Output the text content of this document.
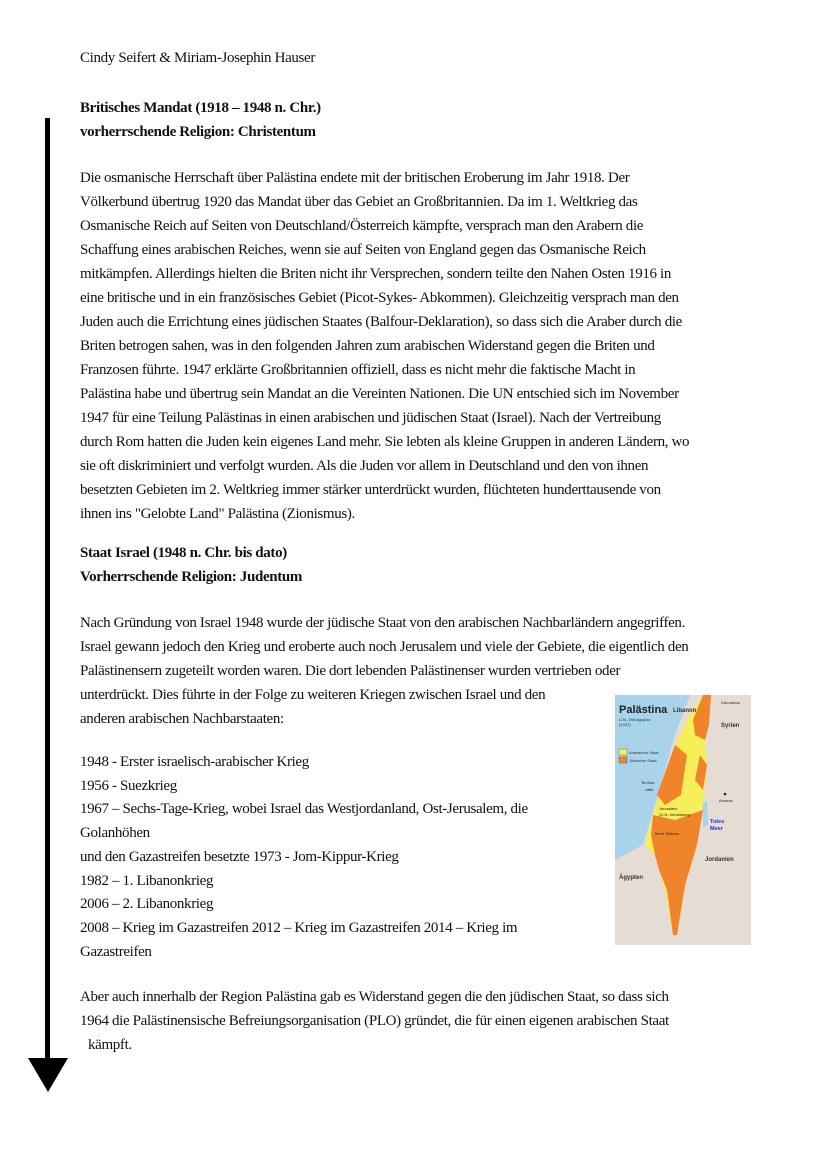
Cindy Seifert & Miriam-Josephin Hauser
Britisches Mandat (1918 – 1948 n. Chr.)
vorherrschende Religion: Christentum
Die osmanische Herrschaft über Palästina endete mit der britischen Eroberung im Jahr 1918. Der
Völkerbund übertrug 1920 das Mandat über das Gebiet an Großbritannien. Da im 1. Weltkrieg das
Osmanische Reich auf Seiten von Deutschland/Österreich kämpfte, versprach man den Arabern die
Schaffung eines arabischen Reiches, wenn sie auf Seiten von England gegen das Osmanische Reich
mitkämpfen. Allerdings hielten die Briten nicht ihr Versprechen, sondern teilte den Nahen Osten 1916 in
eine britische und in ein französisches Gebiet (Picot-Sykes- Abkommen). Gleichzeitig versprach man den
Juden auch die Errichtung eines jüdischen Staates (Balfour-Deklaration), so dass sich die Araber durch die
Briten betrogen sahen, was in den folgenden Jahren zum arabischen Widerstand gegen die Briten und
Franzosen führte. 1947 erklärte Großbritannien offiziell, dass es nicht mehr die faktische Macht in
Palästina habe und übertrug sein Mandat an die Vereinten Nationen. Die UN entschied sich im November
1947 für eine Teilung Palästinas in einen arabischen und jüdischen Staat (Israel). Nach der Vertreibung
durch Rom hatten die Juden kein eigenes Land mehr. Sie lebten als kleine Gruppen in anderen Ländern, wo
sie oft diskriminiert und verfolgt wurden. Als die Juden vor allem in Deutschland und den von ihnen
besetzten Gebieten im 2. Weltkrieg immer stärker unterdrückt wurden, flüchteten hunderttausende von
ihnen ins "Gelobte Land" Palästina (Zionismus).
Staat Israel (1948 n. Chr. bis dato)
Vorherrschende Religion: Judentum
Nach Gründung von Israel 1948 wurde der jüdische Staat von den arabischen Nachbarländern angegriffen.
Israel gewann jedoch den Krieg und eroberte auch noch Jerusalem und viele der Gebiete, die eigentlich den
Palästinensern zugeteilt worden waren. Die dort lebenden Palästinenser wurden vertrieben oder
unterdrückt. Dies führte in der Folge zu weiteren Kriegen zwischen Israel und den
anderen arabischen Nachbarstaaten:
1948 - Erster israelisch-arabischer Krieg
1956 - Suezkrieg
1967 – Sechs-Tage-Krieg, wobei Israel das Westjordanland, Ost-Jerusalem, die
Golanhöhen
und den Gazastreifen besetzte 1973 - Jom-Kippur-Krieg
1982 – 1. Libanonkrieg
2006 – 2. Libanonkrieg
2008 – Krieg im Gazastreifen 2012 – Krieg im Gazastreifen 2014 – Krieg im
Gazastreifen
Aber auch innerhalb der Region Palästina gab es Widerstand gegen die den jüdischen Staat, so dass sich
1964 die Palästinensische Befreiungsorganisation (PLO) gründet, die für einen eigenen arabischen Staat
kämpft.
Palästina
U.N.-Teilungsplan
(1947)
Arabischer Staat
Jüdischer Staat
Libanon
Damaskus
Syrien
Tel Aviv
Jaffa
Amman
Jerusalem
(U.N.-Verwaltung)
Totes
Meer
Be'er Scheva
Jordanien
Ägypten
